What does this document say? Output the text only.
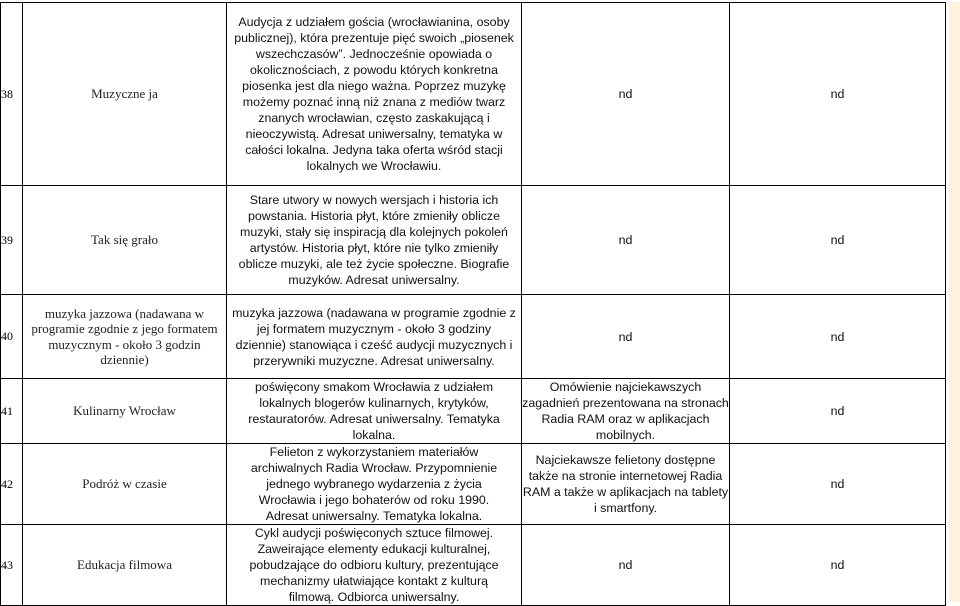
38	Muzyczne ja	Audycja z udziałem gościa (wrocławianina, osoby publicznej), która prezentuje pięć swoich „piosenek wszechczasów”. Jednocześnie opowiada o okolicznościach, z powodu których konkretna piosenka jest dla niego ważna. Poprzez muzykę możemy poznać inną niż znana z mediów twarz znanych wrocławian, często zaskakującą i nieoczywistą. Adresat uniwersalny, tematyka w całości lokalna. Jedyna taka oferta wśród stacji lokalnych we Wrocławiu.	nd	nd
39	Tak się grało	Stare utwory w nowych wersjach i historia ich powstania. Historia płyt, które zmieniły oblicze muzyki, stały się inspiracją dla kolejnych pokoleń artystów. Historia płyt, które nie tylko zmieniły oblicze muzyki, ale też życie społeczne. Biografie muzyków. Adresat uniwersalny.	nd	nd
40	muzyka jazzowa (nadawana w programie zgodnie z jego formatem muzycznym - około 3 godzin dziennie)	muzyka jazzowa (nadawana w programie zgodnie z jej formatem muzycznym - około 3 godziny dziennie) stanowiąca i cześć audycji muzycznych i przerywniki muzyczne. Adresat uniwersalny.	nd	nd
41	Kulinarny Wrocław	poświęcony smakom Wrocławia z udziałem lokalnych blogerów kulinarnych, krytyków, restauratorów. Adresat uniwersalny. Tematyka lokalna.	Omówienie najciekawszych zagadnień prezentowana na stronach Radia RAM oraz w aplikacjach mobilnych.	nd
42	Podróż w czasie	Felieton z wykorzystaniem materiałów archiwalnych Radia Wrocław. Przypomnienie jednego wybranego wydarzenia z życia Wrocławia i jego bohaterów od roku 1990. Adresat uniwersalny. Tematyka lokalna.	Najciekawsze felietony dostępne także na stronie internetowej Radia RAM a także w aplikacjach na tablety i smartfony.	nd
43	Edukacja filmowa	Cykl audycji poświęconych sztuce filmowej. Zaweirające elementy edukacji kulturalnej, pobudzające do odbioru kultury, prezentujące mechanizmy ułatwiające kontakt z kulturą filmową. Odbiorca uniwersalny.	nd	nd
